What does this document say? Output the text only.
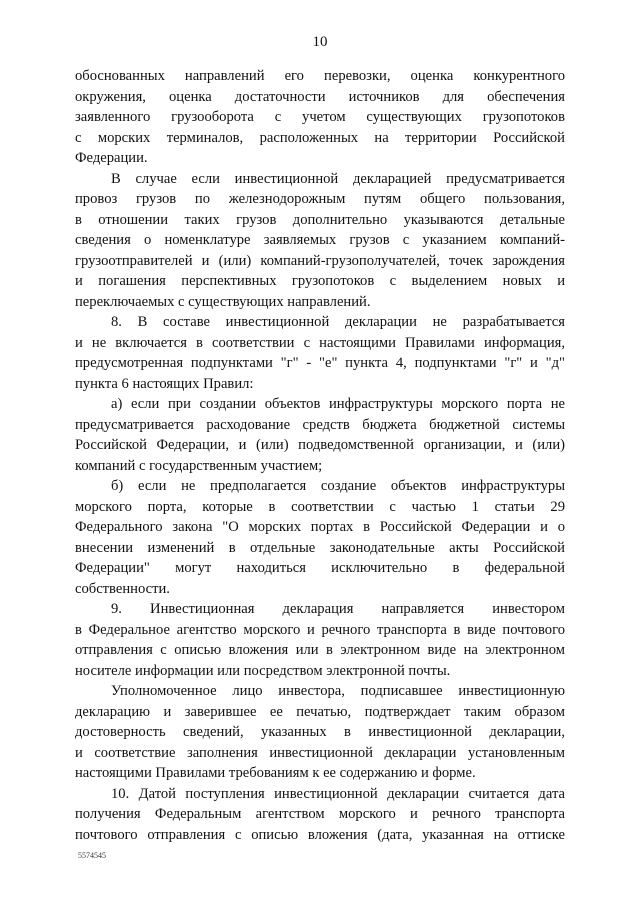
10

обоснованных направлений его перевозки, оценка конкурентного

окружения, оценка достаточности источников для обеспечения

заявленного грузооборота с учетом существующих грузопотоков

с морских терминалов, расположенных на территории Российской

Федерации.

В случае если инвестиционной декларацией предусматривается

провоз грузов по железнодорожным путям общего пользования,

в отношении таких грузов дополнительно указываются детальные

сведения о номенклатуре заявляемых грузов с указанием компаний-

грузоотправителей и (или) компаний-грузополучателей, точек зарождения

и погашения перспективных грузопотоков с выделением новых и

переключаемых с существующих направлений.

8. В составе инвестиционной декларации не разрабатывается

и не включается в соответствии с настоящими Правилами информация,

предусмотренная подпунктами "г" - "е" пункта 4, подпунктами "г" и "д"

пункта 6 настоящих Правил:

а) если при создании объектов инфраструктуры морского порта не

предусматривается расходование средств бюджета бюджетной системы

Российской Федерации, и (или) подведомственной организации, и (или)

компаний с государственным участием;

б) если не предполагается создание объектов инфраструктуры

морского порта, которые в соответствии с частью 1 статьи 29

Федерального закона "О морских портах в Российской Федерации и о

внесении изменений в отдельные законодательные акты Российской

Федерации" могут находиться исключительно в федеральной

собственности.

9. Инвестиционная декларация направляется инвестором

в Федеральное агентство морского и речного транспорта в виде почтового

отправления с описью вложения или в электронном виде на электронном

носителе информации или посредством электронной почты.

Уполномоченное лицо инвестора, подписавшее инвестиционную

декларацию и заверившее ее печатью, подтверждает таким образом

достоверность сведений, указанных в инвестиционной декларации,

и соответствие заполнения инвестиционной декларации установленным

настоящими Правилами требованиям к ее содержанию и форме.

10. Датой поступления инвестиционной декларации считается дата

получения Федеральным агентством морского и речного транспорта

почтового отправления с описью вложения (дата, указанная на оттиске

5574545
